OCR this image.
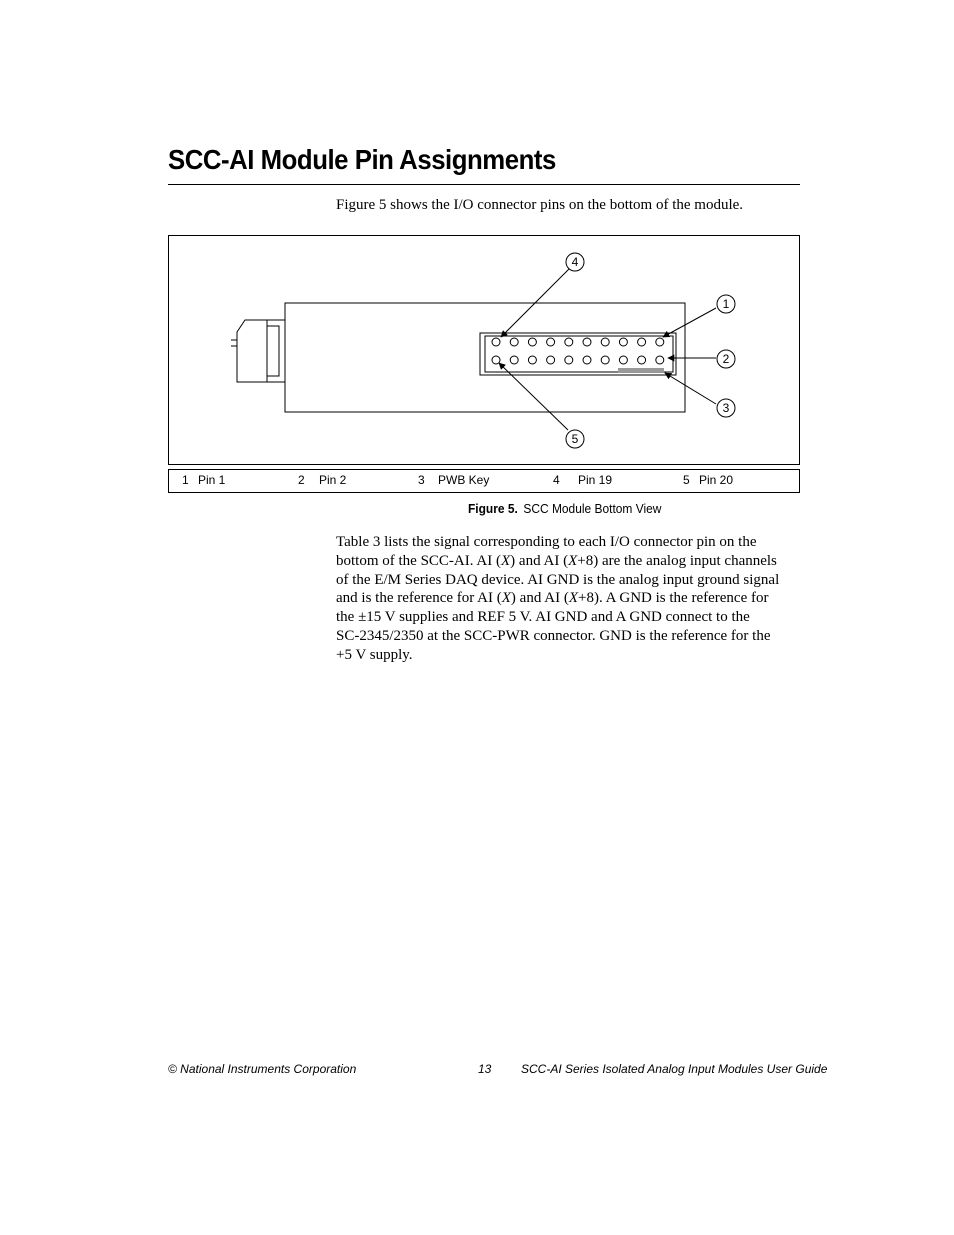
SCC-AI Module Pin Assignments
Figure 5 shows the I/O connector pins on the bottom of the module.
4
1
2
3
5
1 Pin 1	2 Pin 2	3 PWB Key	4 Pin 19	5 Pin 20
Figure 5. SCC Module Bottom View

Table 3 lists the signal corresponding to each I/O connector pin on the

bottom of the SCC-AI. AI (X) and AI (X+8) are the analog input channels

of the E/M Series DAQ device. AI GND is the analog input ground signal

and is the reference for AI (X) and AI (X+8). A GND is the reference for

the ±15 V supplies and REF 5 V. AI GND and A GND connect to the

SC-2345/2350 at the SCC-PWR connector. GND is the reference for the

+5 V supply.

© National Instruments Corporation	13 SCC-AI Series Isolated Analog Input Modules User Guide
